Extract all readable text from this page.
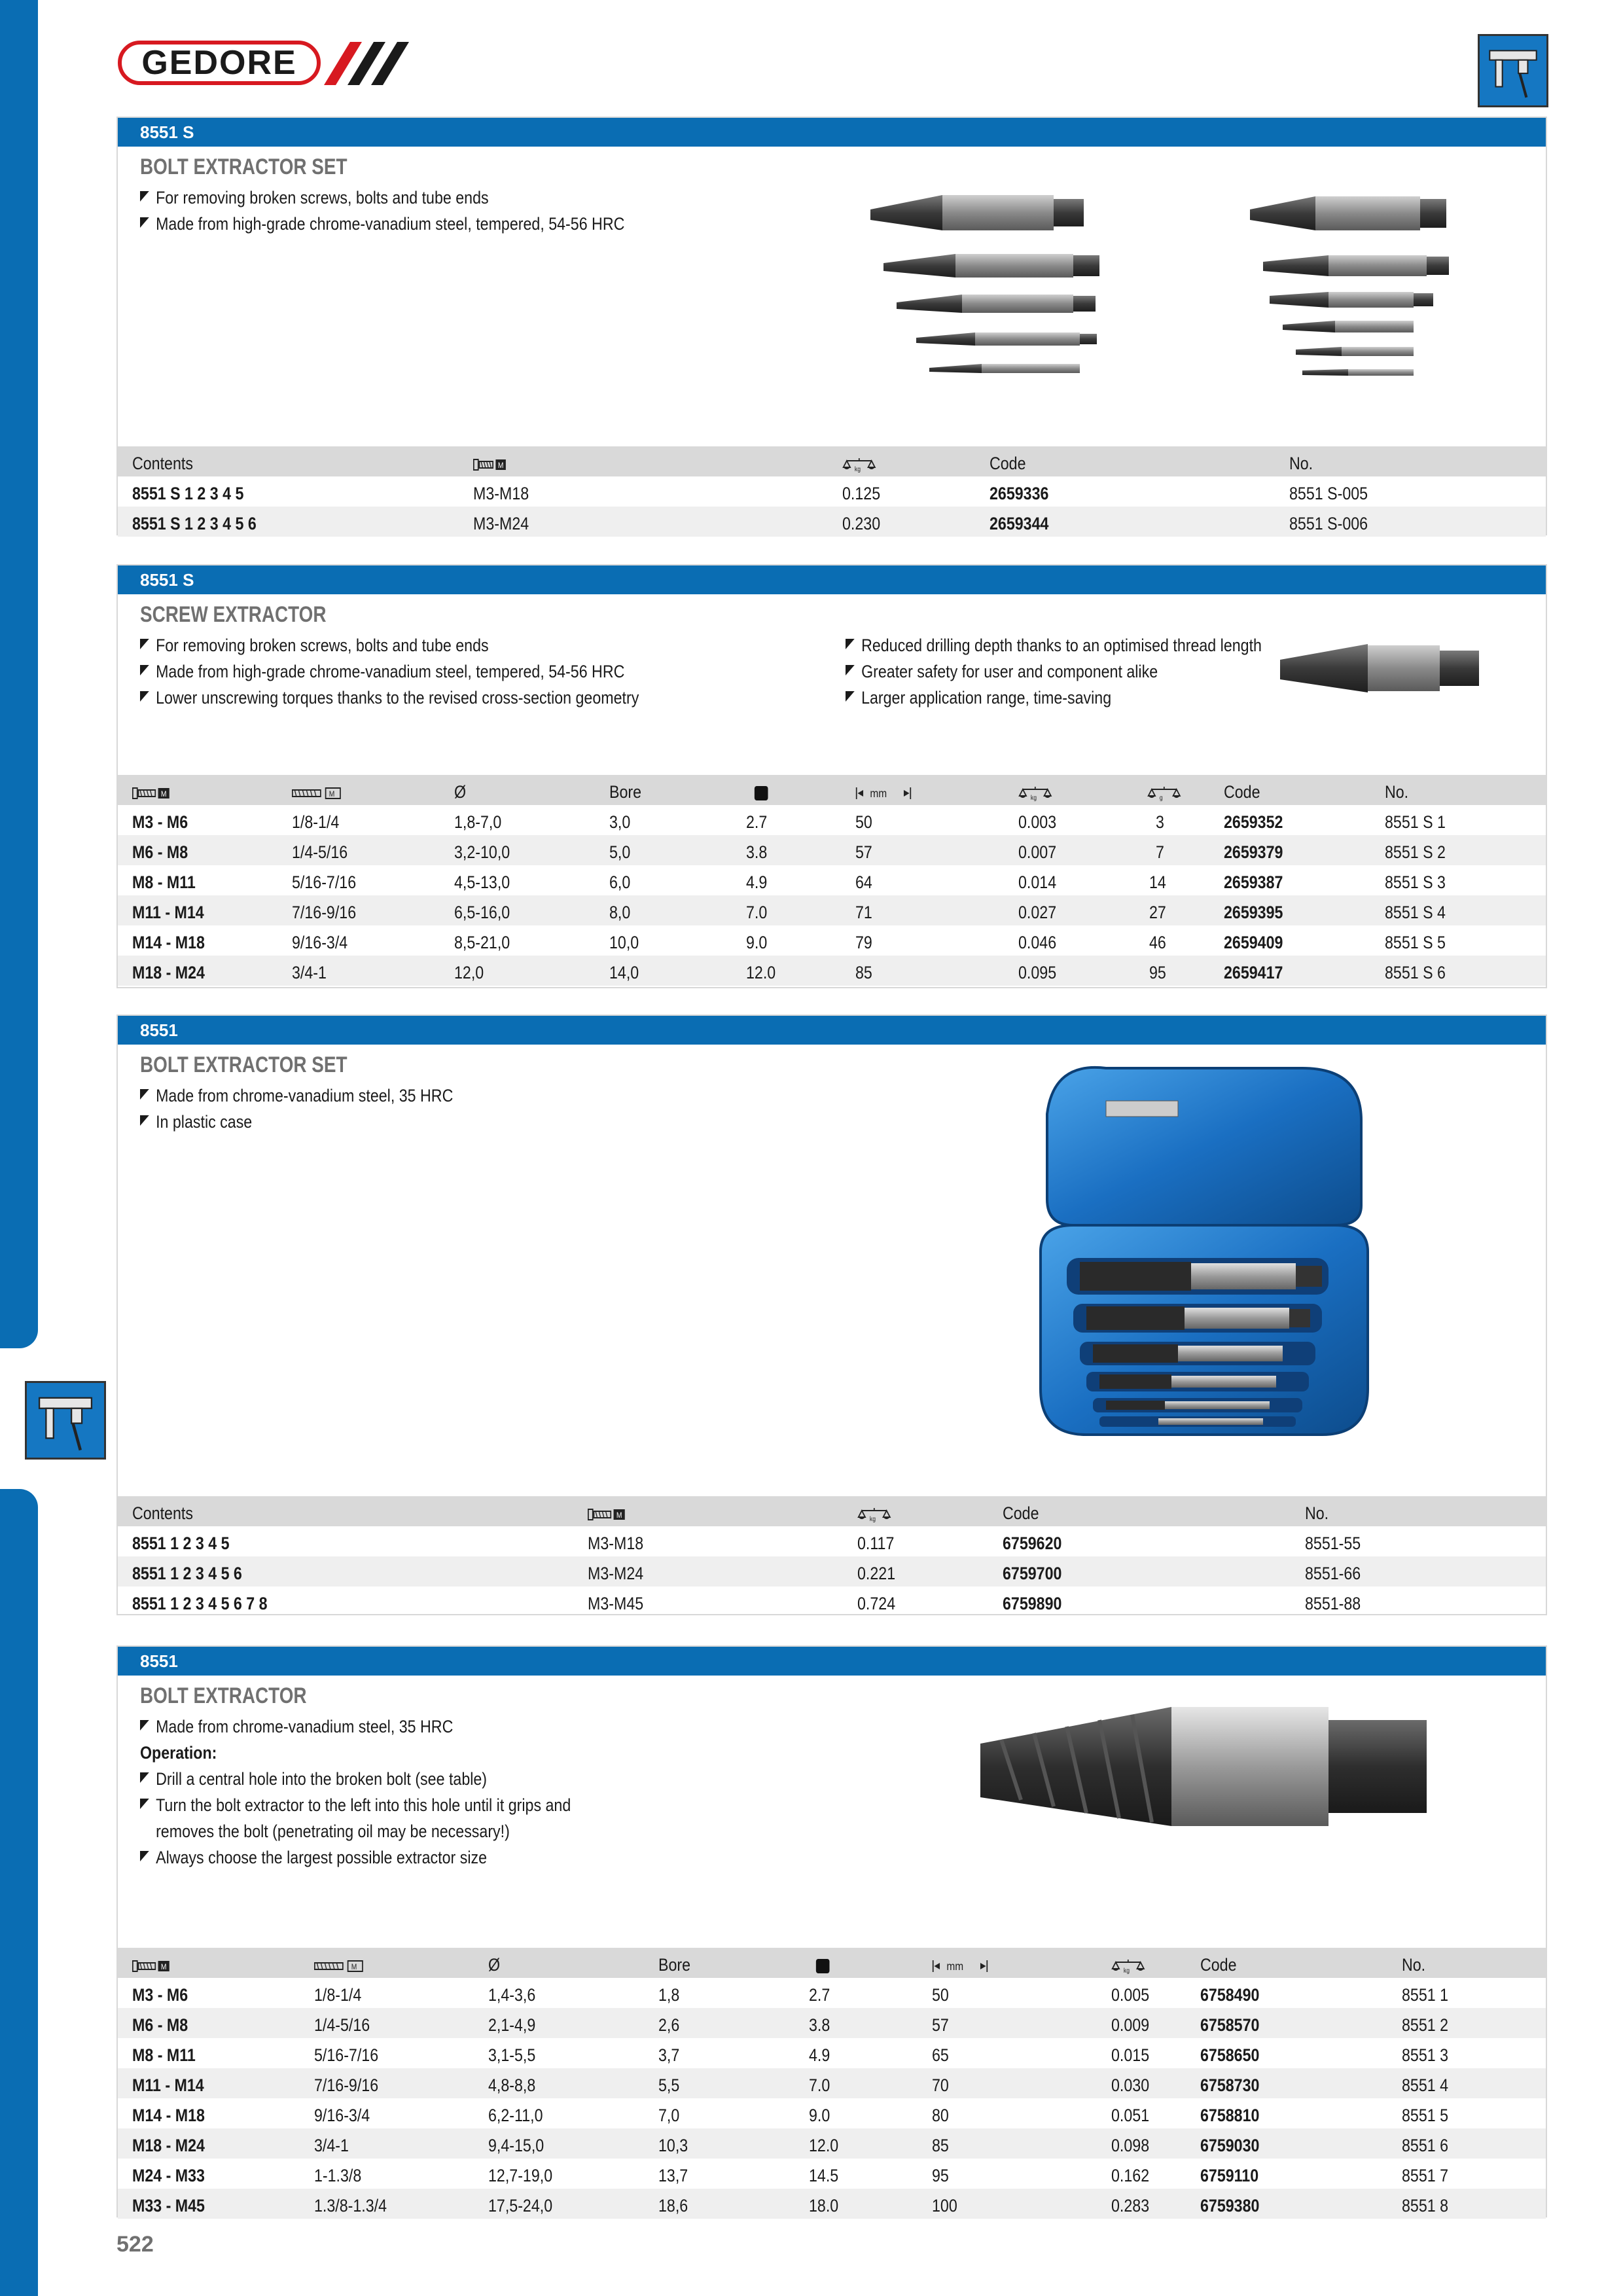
GEDORE
8551 S
BOLT EXTRACTOR SET
For removing broken screws, bolts and tube ends
Made from high-grade chrome-vanadium steel, tempered, 54-56 HRC
Contents	M	kg	Code	No.
8551 S 1 2 3 4 5	M3-M18	0.125	2659336	8551 S-005
8551 S 1 2 3 4 5 6	M3-M24	0.230	2659344	8551 S-006
8551 S
SCREW EXTRACTOR
For removing broken screws, bolts and tube ends
Made from high-grade chrome-vanadium steel, tempered, 54-56 HRC
Lower unscrewing torques thanks to the revised cross-section geometry
Reduced drilling depth thanks to an optimised thread length
Greater safety for user and component alike
Larger application range, time-saving
M	M	Ø	Bore	mm	kg	g	Code	No.
M3 - M6	1/8-1/4	1,8-7,0	3,0	2.7	50	0.003	3	2659352	8551 S 1
M6 - M8	1/4-5/16	3,2-10,0	5,0	3.8	57	0.007	7	2659379	8551 S 2
M8 - M11	5/16-7/16	4,5-13,0	6,0	4.9	64	0.014	14	2659387	8551 S 3
M11 - M14	7/16-9/16	6,5-16,0	8,0	7.0	71	0.027	27	2659395	8551 S 4
M14 - M18	9/16-3/4	8,5-21,0	10,0	9.0	79	0.046	46	2659409	8551 S 5
M18 - M24	3/4-1	12,0	14,0	12.0	85	0.095	95	2659417	8551 S 6
8551
BOLT EXTRACTOR SET
Made from chrome-vanadium steel, 35 HRC
In plastic case
Contents	M	kg	Code	No.
8551 1 2 3 4 5	M3-M18	0.117	6759620	8551-55
8551 1 2 3 4 5 6	M3-M24	0.221	6759700	8551-66
8551 1 2 3 4 5 6 7 8	M3-M45	0.724	6759890	8551-88
8551
BOLT EXTRACTOR
Made from chrome-vanadium steel, 35 HRC
Operation:
Drill a central hole into the broken bolt (see table)
Turn the bolt extractor to the left into this hole until it grips and
removes the bolt (penetrating oil may be necessary!)
Always choose the largest possible extractor size
M	M	Ø	Bore	mm	kg	Code	No.
M3 - M6	1/8-1/4	1,4-3,6	1,8	2.7	50	0.005	6758490	8551 1
M6 - M8	1/4-5/16	2,1-4,9	2,6	3.8	57	0.009	6758570	8551 2
M8 - M11	5/16-7/16	3,1-5,5	3,7	4.9	65	0.015	6758650	8551 3
M11 - M14	7/16-9/16	4,8-8,8	5,5	7.0	70	0.030	6758730	8551 4
M14 - M18	9/16-3/4	6,2-11,0	7,0	9.0	80	0.051	6758810	8551 5
M18 - M24	3/4-1	9,4-15,0	10,3	12.0	85	0.098	6759030	8551 6
M24 - M33	1-1.3/8	12,7-19,0	13,7	14.5	95	0.162	6759110	8551 7
M33 - M45	1.3/8-1.3/4	17,5-24,0	18,6	18.0	100	0.283	6759380	8551 8
522
